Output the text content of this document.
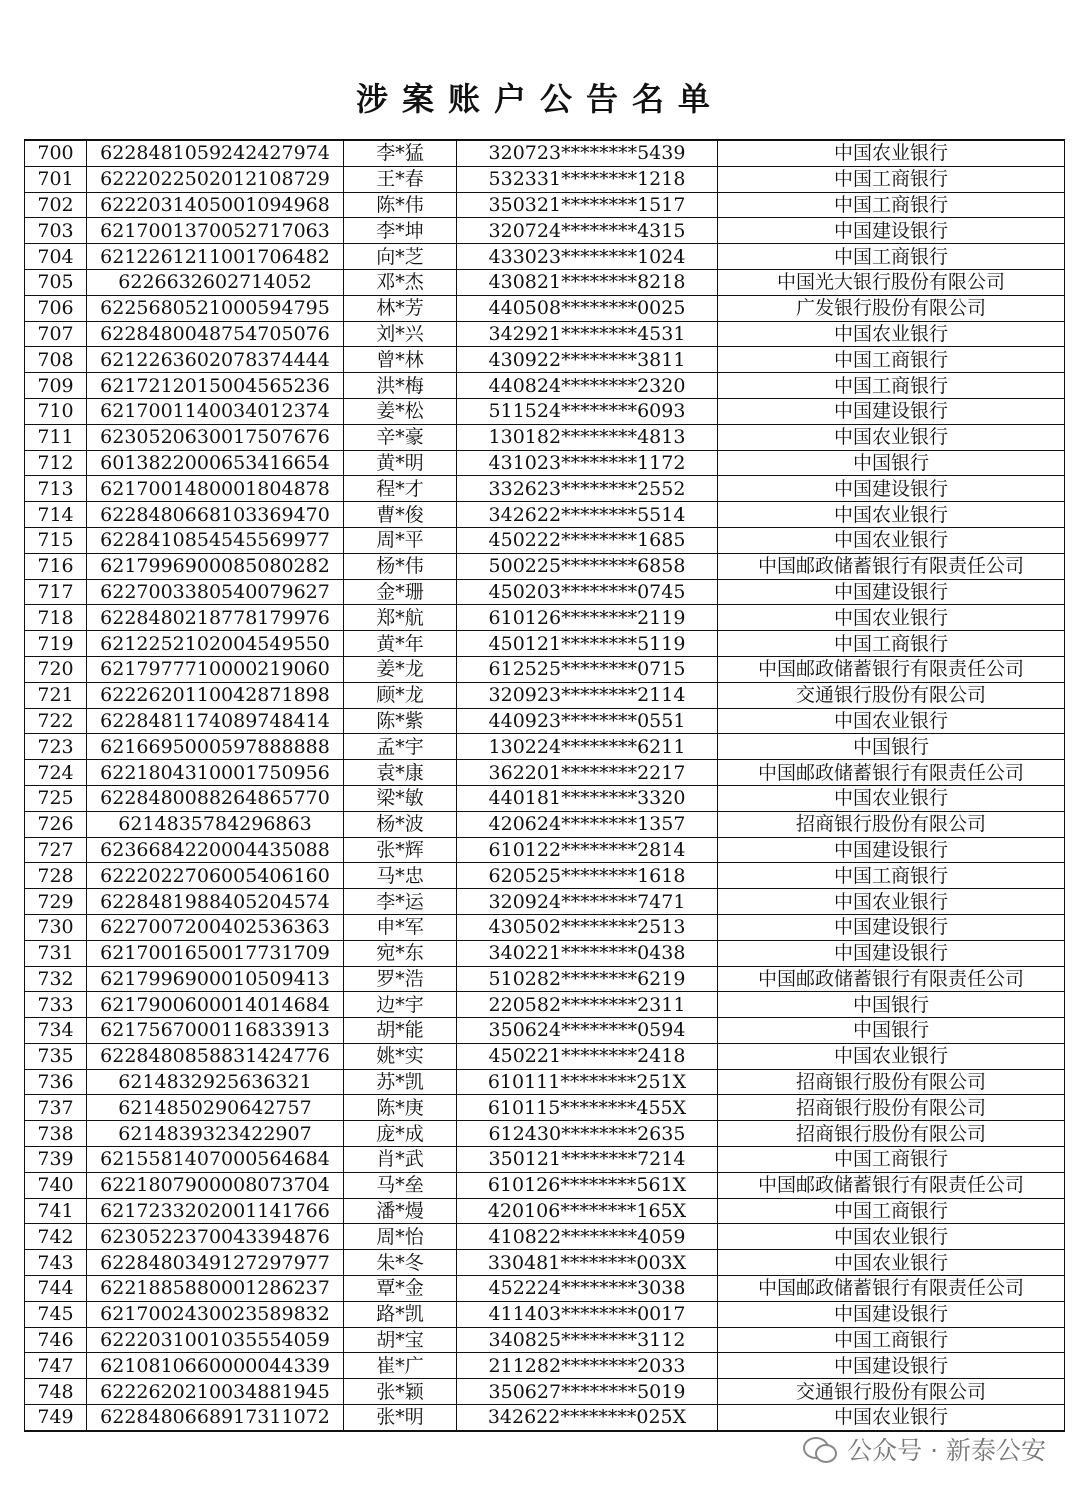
涉案账户公告名单
700	6228481059242427974	李*猛	320723********5439	中国农业银行
701	6222022502012108729	王*春	532331********1218	中国工商银行
702	6222031405001094968	陈*伟	350321********1517	中国工商银行
703	6217001370052717063	李*坤	320724********4315	中国建设银行
704	6212261211001706482	向*芝	433023********1024	中国工商银行
705	6226632602714052	邓*杰	430821********8218	中国光大银行股份有限公司
706	6225680521000594795	林*芳	440508********0025	广发银行股份有限公司
707	6228480048754705076	刘*兴	342921********4531	中国农业银行
708	6212263602078374444	曾*林	430922********3811	中国工商银行
709	6217212015004565236	洪*梅	440824********2320	中国工商银行
710	6217001140034012374	姜*松	511524********6093	中国建设银行
711	6230520630017507676	辛*豪	130182********4813	中国农业银行
712	6013822000653416654	黄*明	431023********1172	中国银行
713	6217001480001804878	程*才	332623********2552	中国建设银行
714	6228480668103369470	曹*俊	342622********5514	中国农业银行
715	6228410854545569977	周*平	450222********1685	中国农业银行
716	6217996900085080282	杨*伟	500225********6858	中国邮政储蓄银行有限责任公司
717	6227003380540079627	金*珊	450203********0745	中国建设银行
718	6228480218778179976	郑*航	610126********2119	中国农业银行
719	6212252102004549550	黄*年	450121********5119	中国工商银行
720	6217977710000219060	姜*龙	612525********0715	中国邮政储蓄银行有限责任公司
721	6222620110042871898	顾*龙	320923********2114	交通银行股份有限公司
722	6228481174089748414	陈*紫	440923********0551	中国农业银行
723	6216695000597888888	孟*宇	130224********6211	中国银行
724	6221804310001750956	袁*康	362201********2217	中国邮政储蓄银行有限责任公司
725	6228480088264865770	梁*敏	440181********3320	中国农业银行
726	6214835784296863	杨*波	420624********1357	招商银行股份有限公司
727	6236684220004435088	张*辉	610122********2814	中国建设银行
728	6222022706005406160	马*忠	620525********1618	中国工商银行
729	6228481988405204574	李*运	320924********7471	中国农业银行
730	6227007200402536363	申*军	430502********2513	中国建设银行
731	6217001650017731709	宛*东	340221********0438	中国建设银行
732	6217996900010509413	罗*浩	510282********6219	中国邮政储蓄银行有限责任公司
733	6217900600014014684	边*宇	220582********2311	中国银行
734	6217567000116833913	胡*能	350624********0594	中国银行
735	6228480858831424776	姚*实	450221********2418	中国农业银行
736	6214832925636321	苏*凯	610111********251X	招商银行股份有限公司
737	6214850290642757	陈*庚	610115********455X	招商银行股份有限公司
738	6214839323422907	庞*成	612430********2635	招商银行股份有限公司
739	6215581407000564684	肖*武	350121********7214	中国工商银行
740	6221807900008073704	马*垒	610126********561X	中国邮政储蓄银行有限责任公司
741	6217233202001141766	潘*熳	420106********165X	中国工商银行
742	6230522370043394876	周*怡	410822********4059	中国农业银行
743	6228480349127297977	朱*冬	330481********003X	中国农业银行
744	6221885880001286237	覃*金	452224********3038	中国邮政储蓄银行有限责任公司
745	6217002430023589832	路*凯	411403********0017	中国建设银行
746	6222031001035554059	胡*宝	340825********3112	中国工商银行
747	6210810660000044339	崔*广	211282********2033	中国建设银行
748	6222620210034881945	张*颖	350627********5019	交通银行股份有限公司
749	6228480668917311072	张*明	342622********025X	中国农业银行
公众号 · 新泰公安
